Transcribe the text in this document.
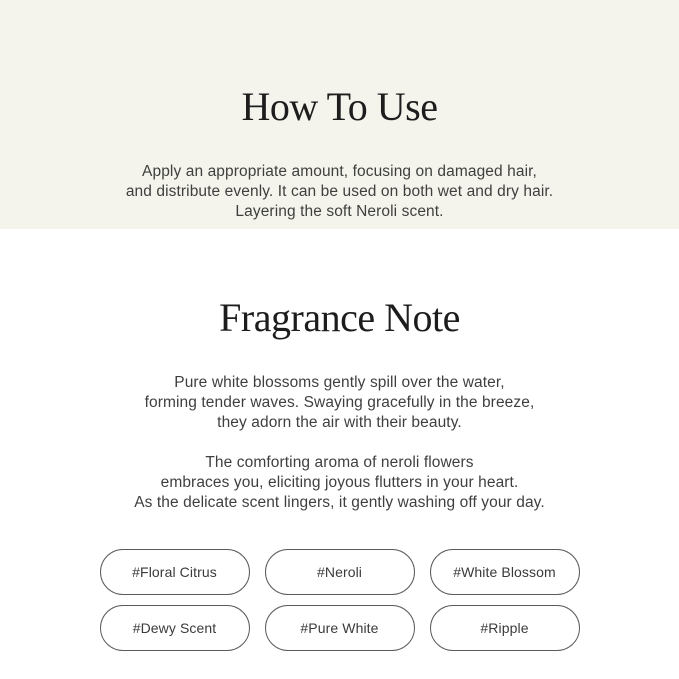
How To Use
Apply an appropriate amount, focusing on damaged hair,
and distribute evenly. It can be used on both wet and dry hair.
Layering the soft Neroli scent.
Fragrance Note
Pure white blossoms gently spill over the water,
forming tender waves. Swaying gracefully in the breeze,
they adorn the air with their beauty.
The comforting aroma of neroli flowers
embraces you, eliciting joyous flutters in your heart.
As the delicate scent lingers, it gently washing off your day.
#Floral Citrus	#Neroli	#White Blossom
#Dewy Scent	#Pure White	#Ripple
